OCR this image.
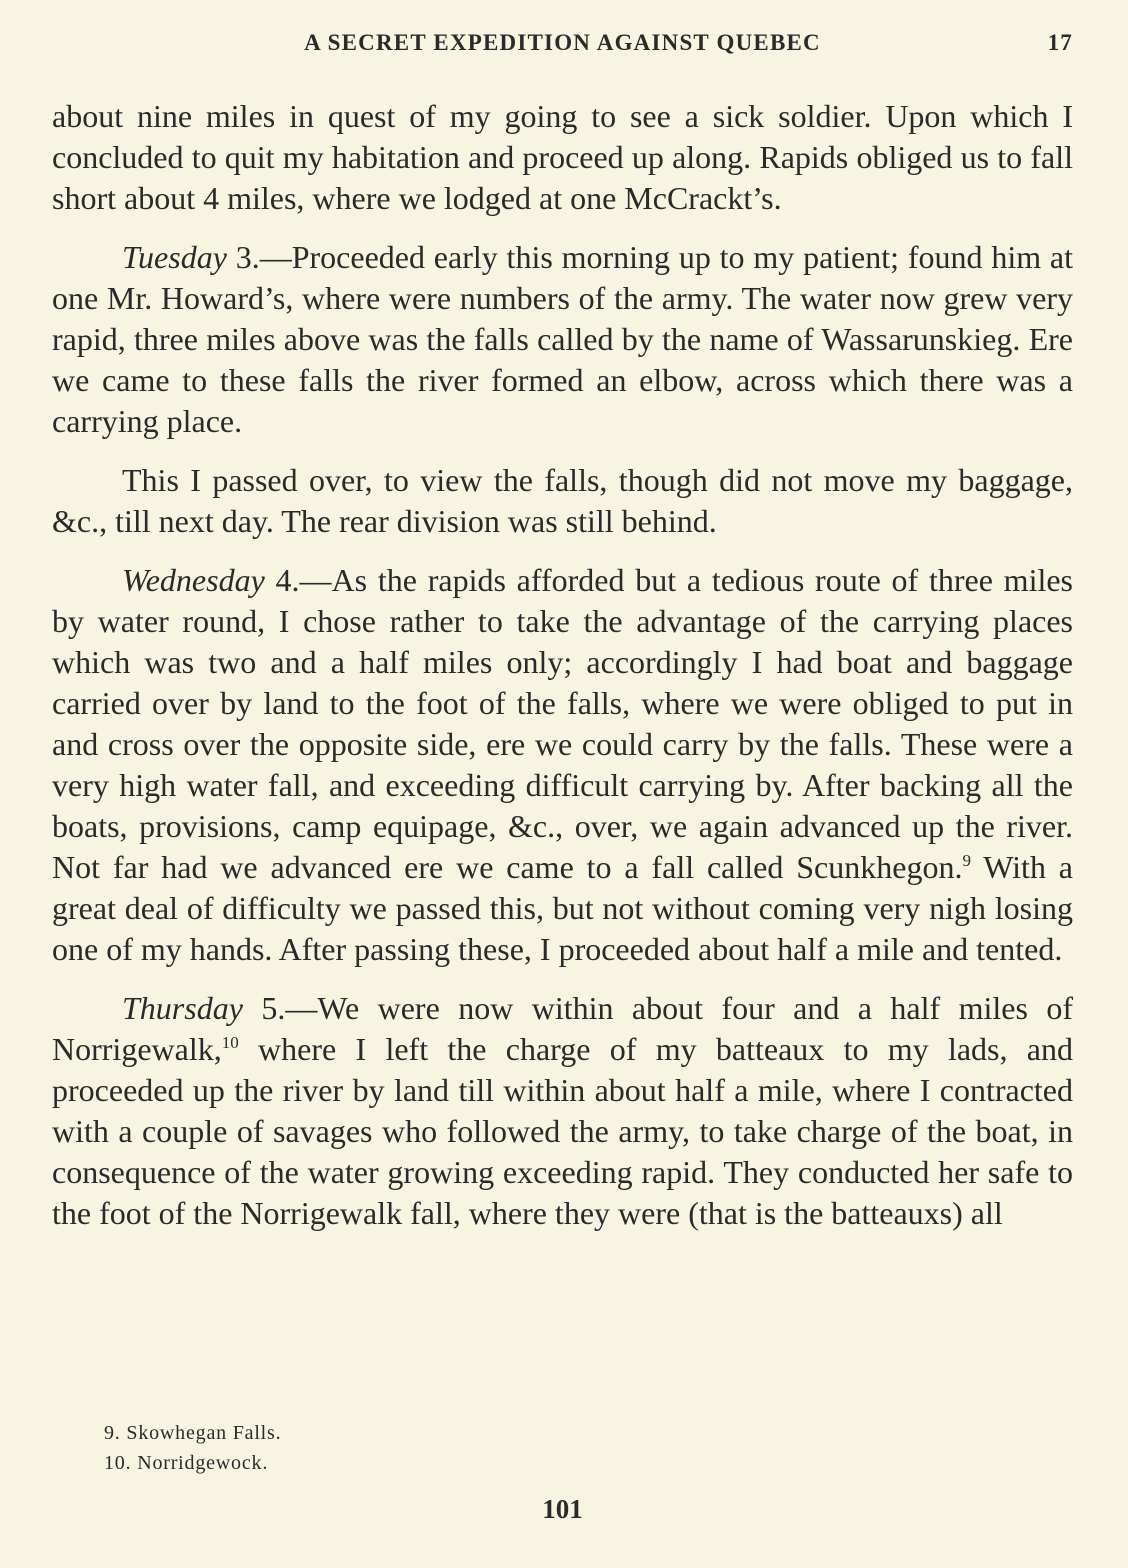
A SECRET EXPEDITION AGAINST QUEBEC	17

about nine miles in quest of my going to see a sick soldier. Upon which I concluded to quit my habitation and proceed up along. Rapids obliged us to fall short about 4 miles, where we lodged at one McCrackt’s.

Tuesday 3.—Proceeded early this morning up to my patient; found him at one Mr. Howard’s, where were numbers of the army. The water now grew very rapid, three miles above was the falls called by the name of Wassarunskieg. Ere we came to these falls the river formed an elbow, across which there was a carrying place.

This I passed over, to view the falls, though did not move my baggage, &c., till next day. The rear division was still behind.

Wednesday 4.—As the rapids afforded but a tedious route of three miles by water round, I chose rather to take the advantage of the carrying places which was two and a half miles only; accordingly I had boat and baggage carried over by land to the foot of the falls, where we were obliged to put in and cross over the opposite side, ere we could carry by the falls. These were a very high water fall, and exceeding difficult carrying by. After backing all the boats, provisions, camp equipage, &c., over, we again advanced up the river. Not far had we advanced ere we came to a fall called Scunkhegon.$^9$ With a great deal of difficulty we passed this, but not without coming very nigh losing one of my hands. After passing these, I proceeded about half a mile and tented.

Thursday 5.—We were now within about four and a half miles of Norrigewalk,$^{10}$ where I left the charge of my batteaux to my lads, and proceeded up the river by land till within about half a mile, where I contracted with a couple of savages who followed the army, to take charge of the boat, in consequence of the water growing exceeding rapid. They conducted her safe to the foot of the Norrigewalk fall, where they were (that is the batteauxs) all

9. Skowhegan Falls.
10. Norridgewock.
101
